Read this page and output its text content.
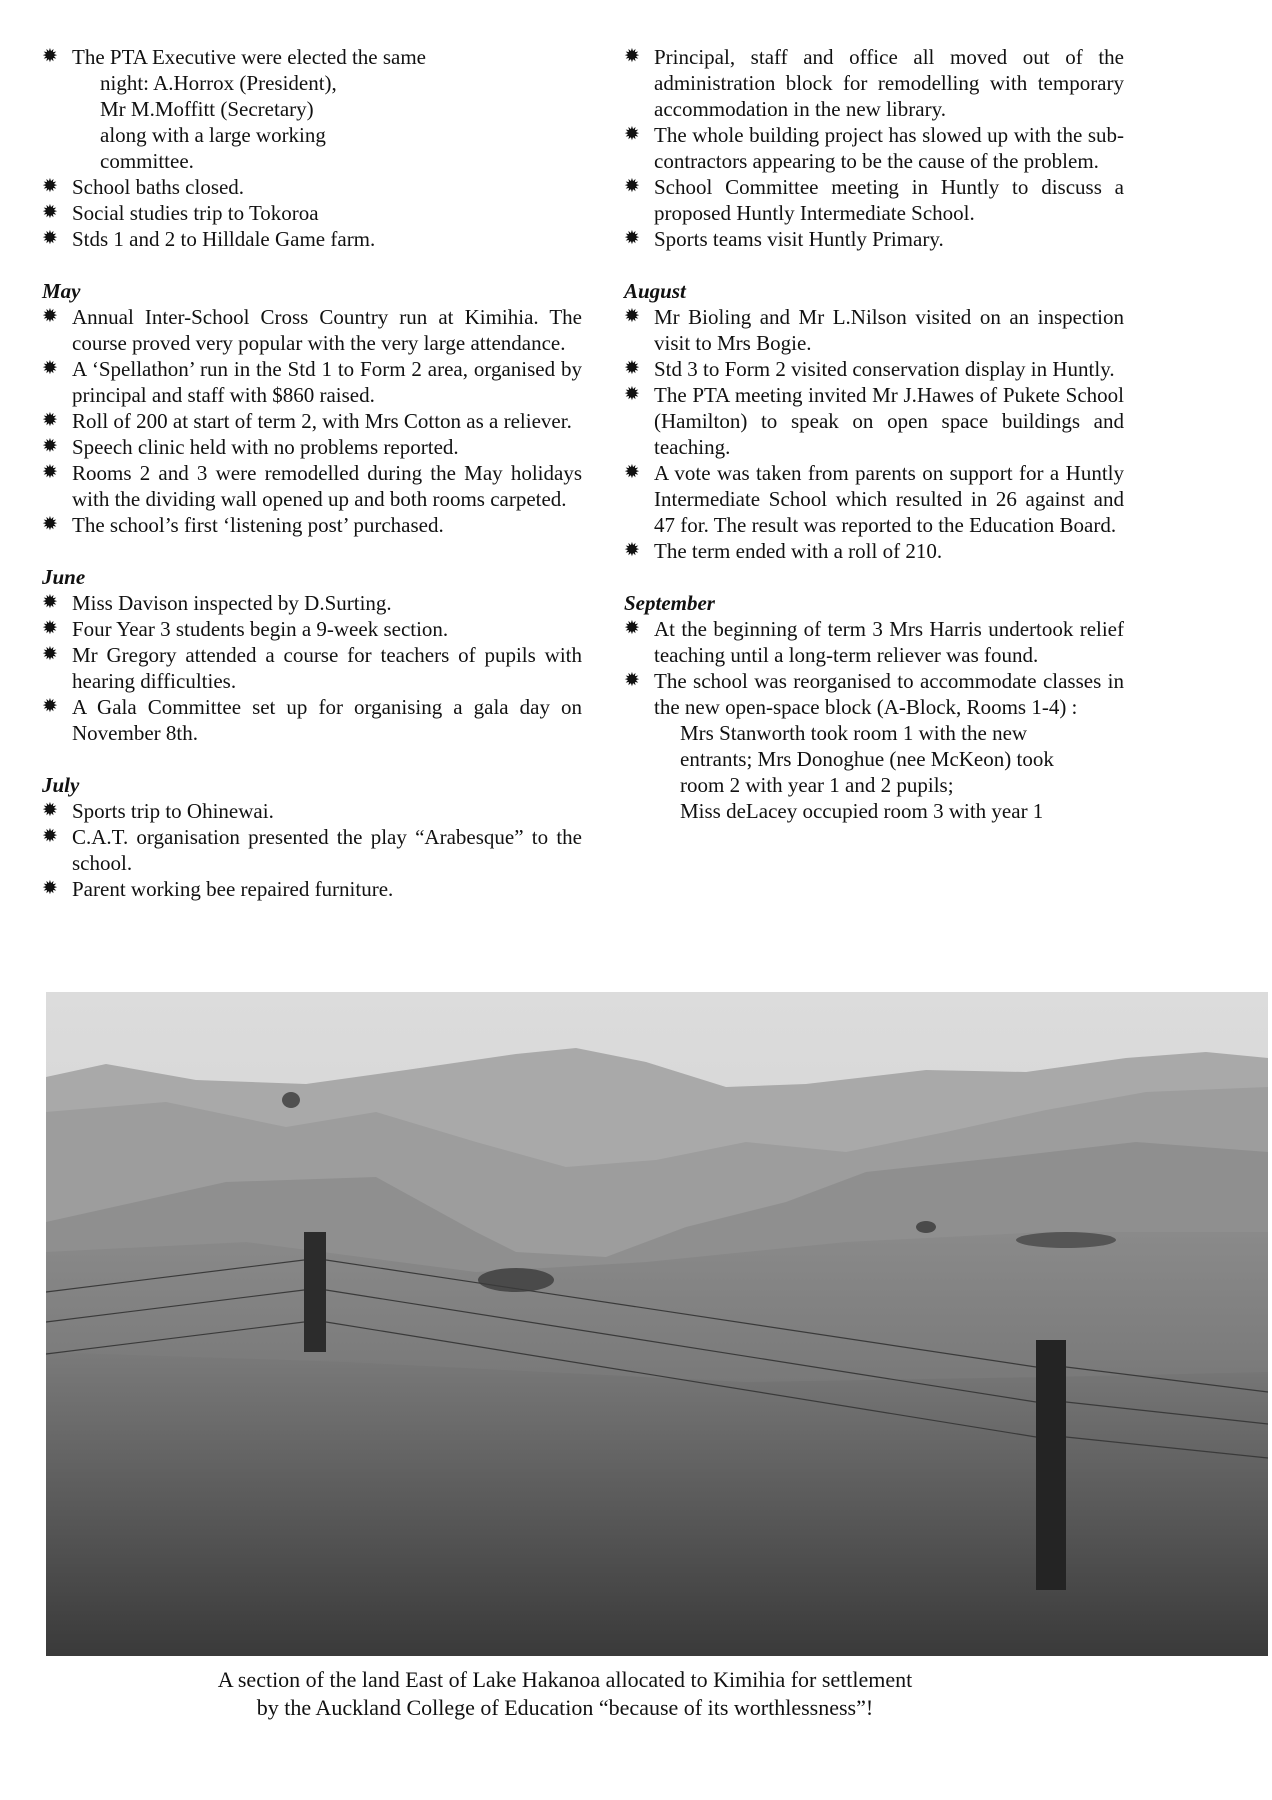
✹ The PTA Executive were elected the same
night: A.Horrox (President),
Mr M.Moffitt (Secretary)
along with a large working
committee.
✹ School baths closed.
✹ Social studies trip to Tokoroa
✹ Stds 1 and 2 to Hilldale Game farm.

May

✹ Annual Inter-School Cross Country run at Kimihia. The course proved very popular with the very large attendance.
✹ A ‘Spellathon’ run in the Std 1 to Form 2 area, organised by principal and staff with $860 raised.
✹ Roll of 200 at start of term 2, with Mrs Cotton as a reliever.
✹ Speech clinic held with no problems reported.
✹ Rooms 2 and 3 were remodelled during the May holidays with the dividing wall opened up and both rooms carpeted.
✹ The school’s first ‘listening post’ purchased.

June

✹ Miss Davison inspected by D.Surting.
✹ Four Year 3 students begin a 9-week section.
✹ Mr Gregory attended a course for teachers of pupils with hearing difficulties.
✹ A Gala Committee set up for organising a gala day on November 8th.

July

✹ Sports trip to Ohinewai.
✹ C.A.T. organisation presented the play “Arabesque” to the school.
✹ Parent working bee repaired furniture.
✹ Principal, staff and office all moved out of the administration block for remodelling with temporary accommodation in the new library.
✹ The whole building project has slowed up with the sub-contractors appearing to be the cause of the problem.
✹ School Committee meeting in Huntly to discuss a proposed Huntly Intermediate School.
✹ Sports teams visit Huntly Primary.

August

✹ Mr Bioling and Mr L.Nilson visited on an inspection visit to Mrs Bogie.
✹ Std 3 to Form 2 visited conservation display in Huntly.
✹ The PTA meeting invited Mr J.Hawes of Pukete School (Hamilton) to speak on open space buildings and teaching.
✹ A vote was taken from parents on support for a Huntly Intermediate School which resulted in 26 against and 47 for. The result was reported to the Education Board.
✹ The term ended with a roll of 210.

September

✹ At the beginning of term 3 Mrs Harris undertook relief teaching until a long-term reliever was found.
✹ The school was reorganised to accommodate classes in the new open-space block (A-Block, Rooms 1-4) :
Mrs Stanworth took room 1 with the new
entrants; Mrs Donoghue (nee McKeon) took
room 2 with year 1 and 2 pupils;
Miss deLacey occupied room 3 with year 1
A section of the land East of Lake Hakanoa allocated to Kimihia for settlement
by the Auckland College of Education “because of its worthlessness”!
